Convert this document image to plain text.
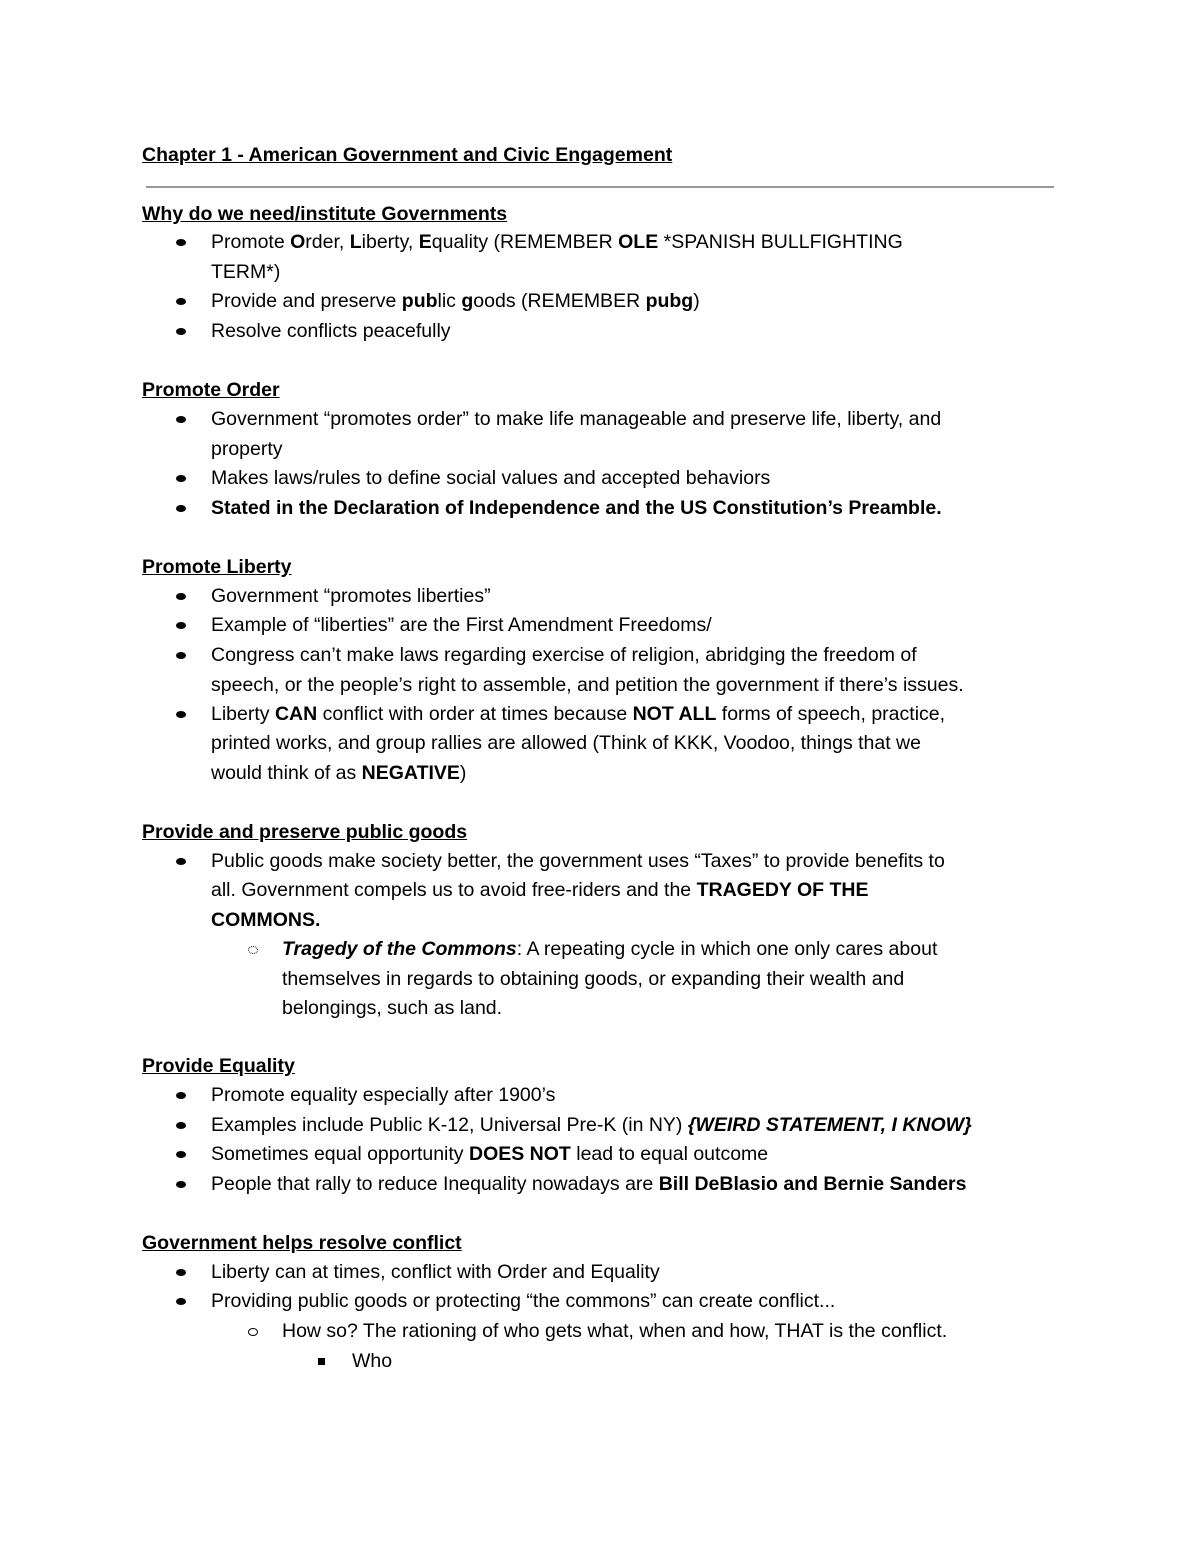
Chapter 1 - American Government and Civic Engagement
Why do we need/institute Governments
Promote Order, Liberty, Equality (REMEMBER OLE *SPANISH BULLFIGHTING
TERM*)
Provide and preserve public goods (REMEMBER pubg)
Resolve conflicts peacefully
Promote Order
Government “promotes order” to make life manageable and preserve life, liberty, and
property
Makes laws/rules to define social values and accepted behaviors
Stated in the Declaration of Independence and the US Constitution’s Preamble.
Promote Liberty
Government “promotes liberties”
Example of “liberties” are the First Amendment Freedoms/
Congress can’t make laws regarding exercise of religion, abridging the freedom of
speech, or the people’s right to assemble, and petition the government if there’s issues.
Liberty CAN conflict with order at times because NOT ALL forms of speech, practice,
printed works, and group rallies are allowed (Think of KKK, Voodoo, things that we
would think of as NEGATIVE)
Provide and preserve public goods
Public goods make society better, the government uses “Taxes” to provide benefits to
all. Government compels us to avoid free-riders and the TRAGEDY OF THE
COMMONS.
Tragedy of the Commons: A repeating cycle in which one only cares about
themselves in regards to obtaining goods, or expanding their wealth and
belongings, such as land.
Provide Equality
Promote equality especially after 1900’s
Examples include Public K-12, Universal Pre-K (in NY) {WEIRD STATEMENT, I KNOW}
Sometimes equal opportunity DOES NOT lead to equal outcome
People that rally to reduce Inequality nowadays are Bill DeBlasio and Bernie Sanders
Government helps resolve conflict
Liberty can at times, conflict with Order and Equality
Providing public goods or protecting “the commons” can create conflict...
How so? The rationing of who gets what, when and how, THAT is the conflict.
Who
